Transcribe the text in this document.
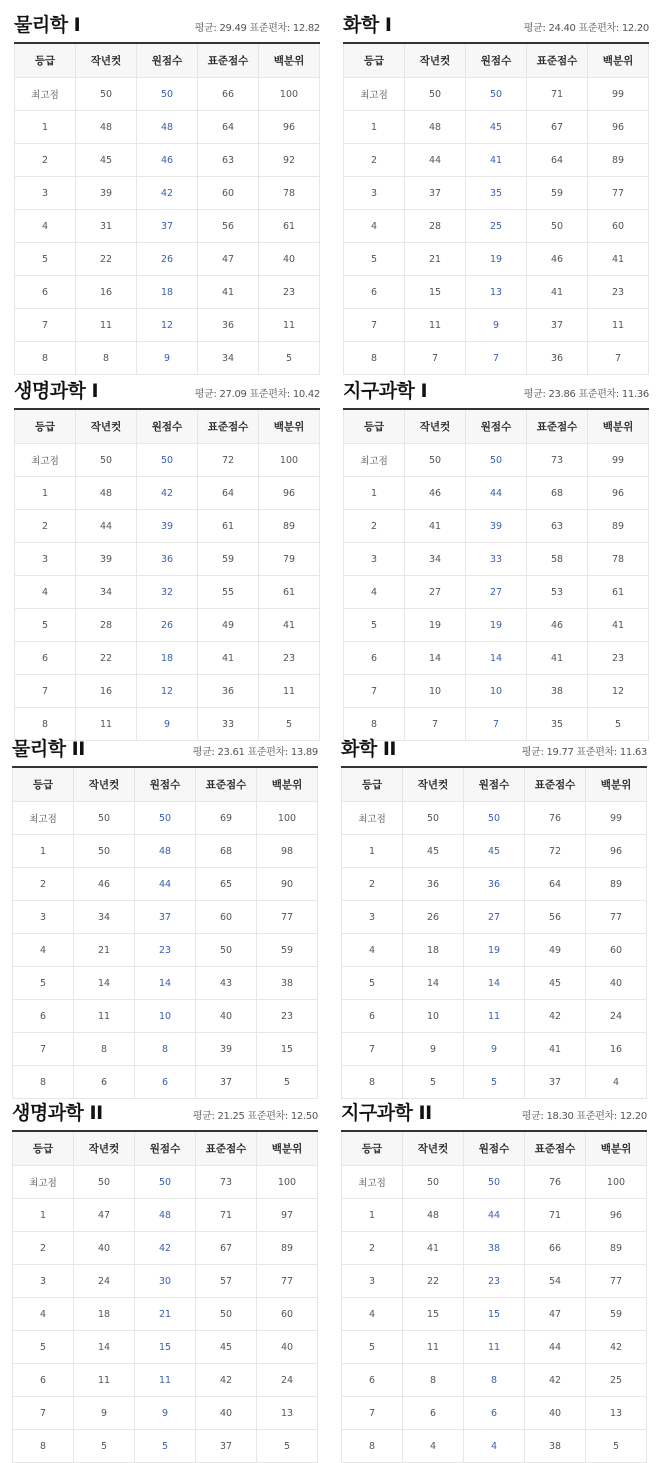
물리학 Ⅰ	평균: 29.49 표준편차: 12.82
등급	작년컷	원점수	표준점수	백분위
최고점	50	50	66	100
1	48	48	64	96
2	45	46	63	92
3	39	42	60	78
4	31	37	56	61
5	22	26	47	40
6	16	18	41	23
7	11	12	36	11
8	8	9	34	5
화학 Ⅰ	평균: 24.40 표준편차: 12.20
등급	작년컷	원점수	표준점수	백분위
최고점	50	50	71	99
1	48	45	67	96
2	44	41	64	89
3	37	35	59	77
4	28	25	50	60
5	21	19	46	41
6	15	13	41	23
7	11	9	37	11
8	7	7	36	7
생명과학 Ⅰ	평균: 27.09 표준편차: 10.42
등급	작년컷	원점수	표준점수	백분위
최고점	50	50	72	100
1	48	42	64	96
2	44	39	61	89
3	39	36	59	79
4	34	32	55	61
5	28	26	49	41
6	22	18	41	23
7	16	12	36	11
8	11	9	33	5
지구과학 Ⅰ	평균: 23.86 표준편차: 11.36
등급	작년컷	원점수	표준점수	백분위
최고점	50	50	73	99
1	46	44	68	96
2	41	39	63	89
3	34	33	58	78
4	27	27	53	61
5	19	19	46	41
6	14	14	41	23
7	10	10	38	12
8	7	7	35	5
물리학 II	평균: 23.61 표준편차: 13.89
등급	작년컷	원점수	표준점수	백분위
최고점	50	50	69	100
1	50	48	68	98
2	46	44	65	90
3	34	37	60	77
4	21	23	50	59
5	14	14	43	38
6	11	10	40	23
7	8	8	39	15
8	6	6	37	5
화학 II	평균: 19.77 표준편차: 11.63
등급	작년컷	원점수	표준점수	백분위
최고점	50	50	76	99
1	45	45	72	96
2	36	36	64	89
3	26	27	56	77
4	18	19	49	60
5	14	14	45	40
6	10	11	42	24
7	9	9	41	16
8	5	5	37	4
생명과학 II	평균: 21.25 표준편차: 12.50
등급	작년컷	원점수	표준점수	백분위
최고점	50	50	73	100
1	47	48	71	97
2	40	42	67	89
3	24	30	57	77
4	18	21	50	60
5	14	15	45	40
6	11	11	42	24
7	9	9	40	13
8	5	5	37	5
지구과학 II	평균: 18.30 표준편차: 12.20
등급	작년컷	원점수	표준점수	백분위
최고점	50	50	76	100
1	48	44	71	96
2	41	38	66	89
3	22	23	54	77
4	15	15	47	59
5	11	11	44	42
6	8	8	42	25
7	6	6	40	13
8	4	4	38	5
